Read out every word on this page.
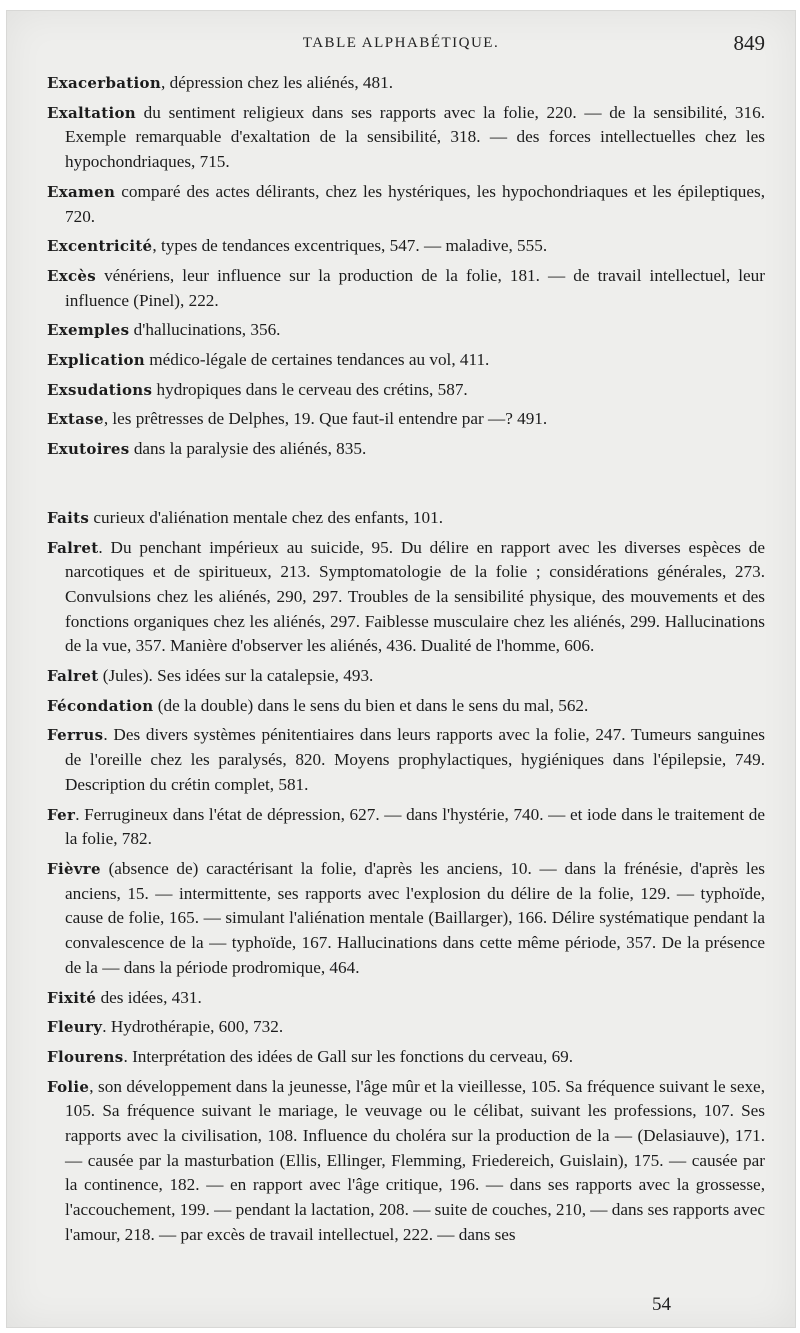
TABLE ALPHABÉTIQUE.	849

Exacerbation, dépression chez les aliénés, 481.

Exaltation du sentiment religieux dans ses rapports avec la folie, 220. — de la sensibilité, 316. Exemple remarquable d'exaltation de la sensibilité, 318. — des forces intellectuelles chez les hypochondriaques, 715.

Examen comparé des actes délirants, chez les hystériques, les hypochondriaques et les épileptiques, 720.

Excentricité, types de tendances excentriques, 547. — maladive, 555.

Excès vénériens, leur influence sur la production de la folie, 181. — de travail intellectuel, leur influence (Pinel), 222.

Exemples d'hallucinations, 356.

Explication médico-légale de certaines tendances au vol, 411.

Exsudations hydropiques dans le cerveau des crétins, 587.

Extase, les prêtresses de Delphes, 19. Que faut-il entendre par —? 491.

Exutoires dans la paralysie des aliénés, 835.

Faits curieux d'aliénation mentale chez des enfants, 101.

Falret. Du penchant impérieux au suicide, 95. Du délire en rapport avec les diverses espèces de narcotiques et de spiritueux, 213. Symptomatologie de la folie ; considérations générales, 273. Convulsions chez les aliénés, 290, 297. Troubles de la sensibilité physique, des mouvements et des fonctions organiques chez les aliénés, 297. Faiblesse musculaire chez les aliénés, 299. Hallucinations de la vue, 357. Manière d'observer les aliénés, 436. Dualité de l'homme, 606.

Falret (Jules). Ses idées sur la catalepsie, 493.

Fécondation (de la double) dans le sens du bien et dans le sens du mal, 562.

Ferrus. Des divers systèmes pénitentiaires dans leurs rapports avec la folie, 247. Tumeurs sanguines de l'oreille chez les paralysés, 820. Moyens prophylactiques, hygiéniques dans l'épilepsie, 749. Description du crétin complet, 581.

Fer. Ferrugineux dans l'état de dépression, 627. — dans l'hystérie, 740. — et iode dans le traitement de la folie, 782.

Fièvre (absence de) caractérisant la folie, d'après les anciens, 10. — dans la frénésie, d'après les anciens, 15. — intermittente, ses rapports avec l'explosion du délire de la folie, 129. — typhoïde, cause de folie, 165. — simulant l'aliénation mentale (Baillarger), 166. Délire systématique pendant la convalescence de la — typhoïde, 167. Hallucinations dans cette même période, 357. De la présence de la — dans la période prodromique, 464.

Fixité des idées, 431.

Fleury. Hydrothérapie, 600, 732.

Flourens. Interprétation des idées de Gall sur les fonctions du cerveau, 69.

Folie, son développement dans la jeunesse, l'âge mûr et la vieillesse, 105. Sa fréquence suivant le sexe, 105. Sa fréquence suivant le mariage, le veuvage ou le célibat, suivant les professions, 107. Ses rapports avec la civilisation, 108. Influence du choléra sur la production de la — (Delasiauve), 171. — causée par la masturbation (Ellis, Ellinger, Flemming, Friedereich, Guislain), 175. — causée par la continence, 182. — en rapport avec l'âge critique, 196. — dans ses rapports avec la grossesse, l'accouchement, 199. — pendant la lactation, 208. — suite de couches, 210, — dans ses rapports avec l'amour, 218. — par excès de travail intellectuel, 222. — dans ses

54
